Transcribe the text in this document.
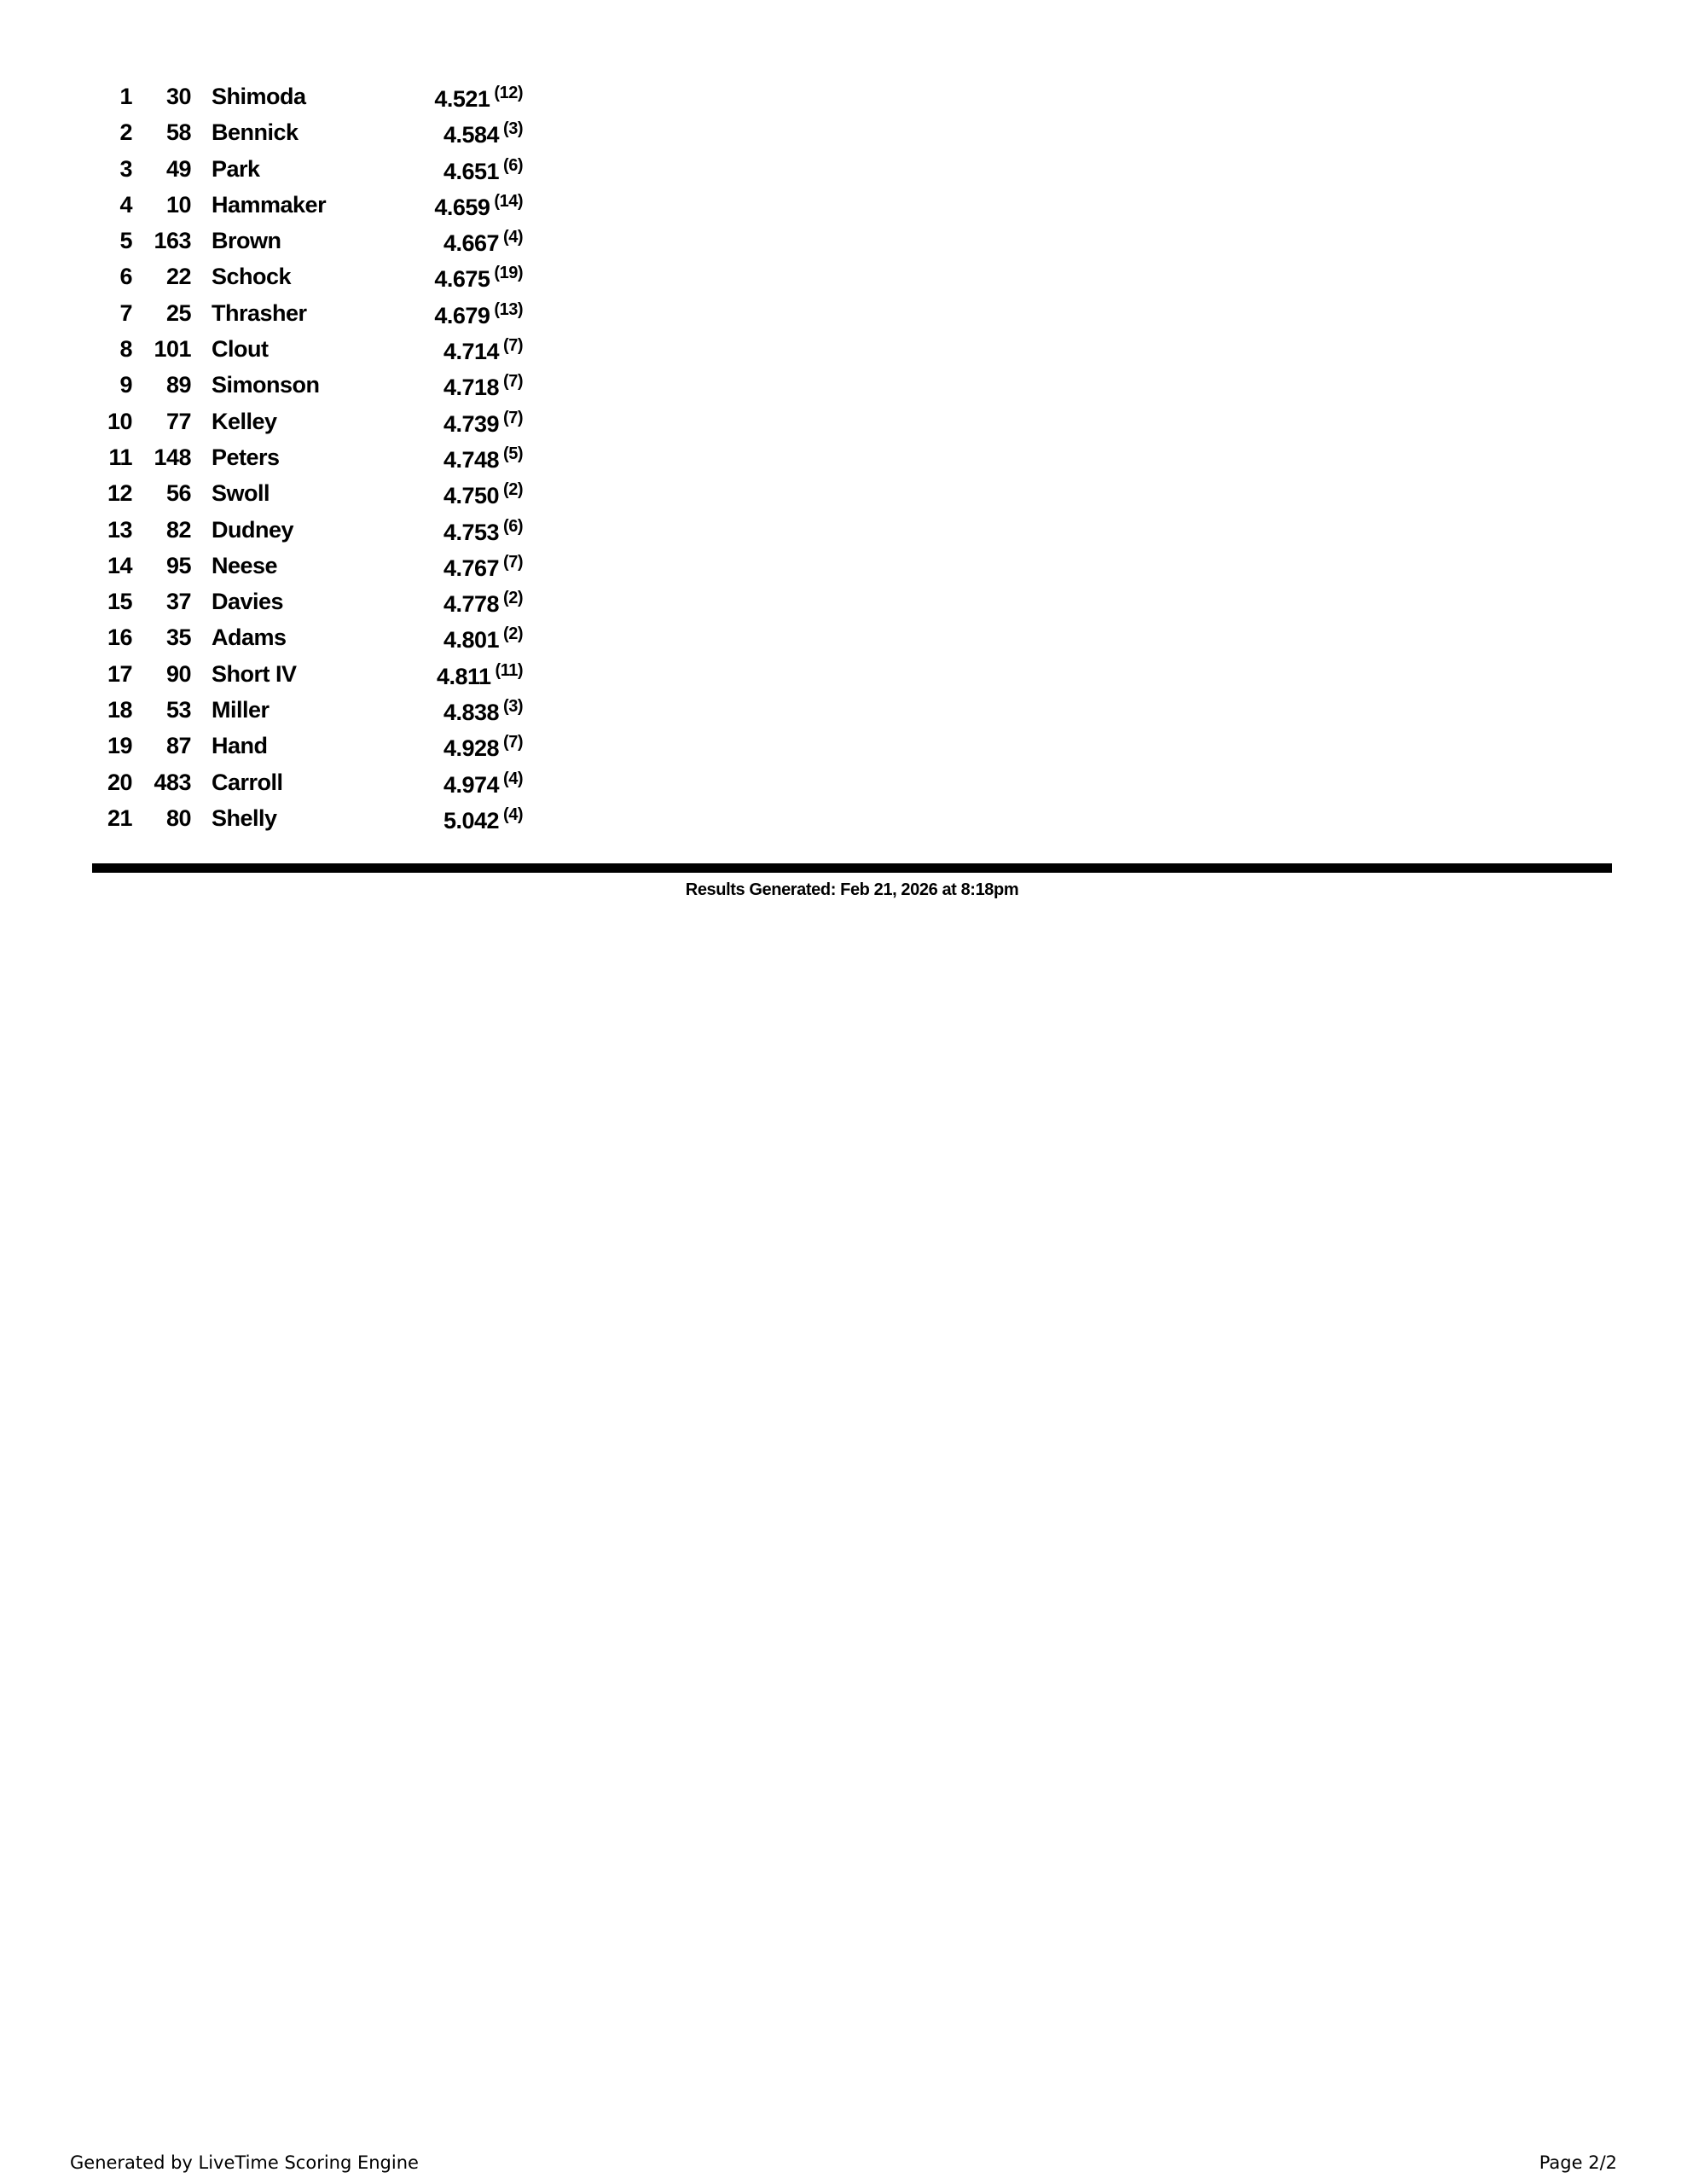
1	30 Shimoda	4.521 (12)
2	58 Bennick	4.584 (3)
3	49 Park	4.651 (6)
4	10 Hammaker	4.659 (14)
5 163 Brown	4.667 (4)
6	22 Schock	4.675 (19)
7	25 Thrasher	4.679 (13)
8 101 Clout	4.714 (7)
9	89 Simonson	4.718 (7)
10	77 Kelley	4.739 (7)
11 148 Peters	4.748 (5)
12	56 Swoll	4.750 (2)
13	82 Dudney	4.753 (6)
14	95 Neese	4.767 (7)
15	37 Davies	4.778 (2)
16	35 Adams	4.801 (2)
17	90 Short IV	4.811 (11)
18	53 Miller	4.838 (3)
19	87 Hand	4.928 (7)
20 483 Carroll	4.974 (4)
21	80 Shelly	5.042 (4)
Results Generated: Feb 21, 2026 at 8:18pm
Generated by LiveTime Scoring Engine	Page 2/2
